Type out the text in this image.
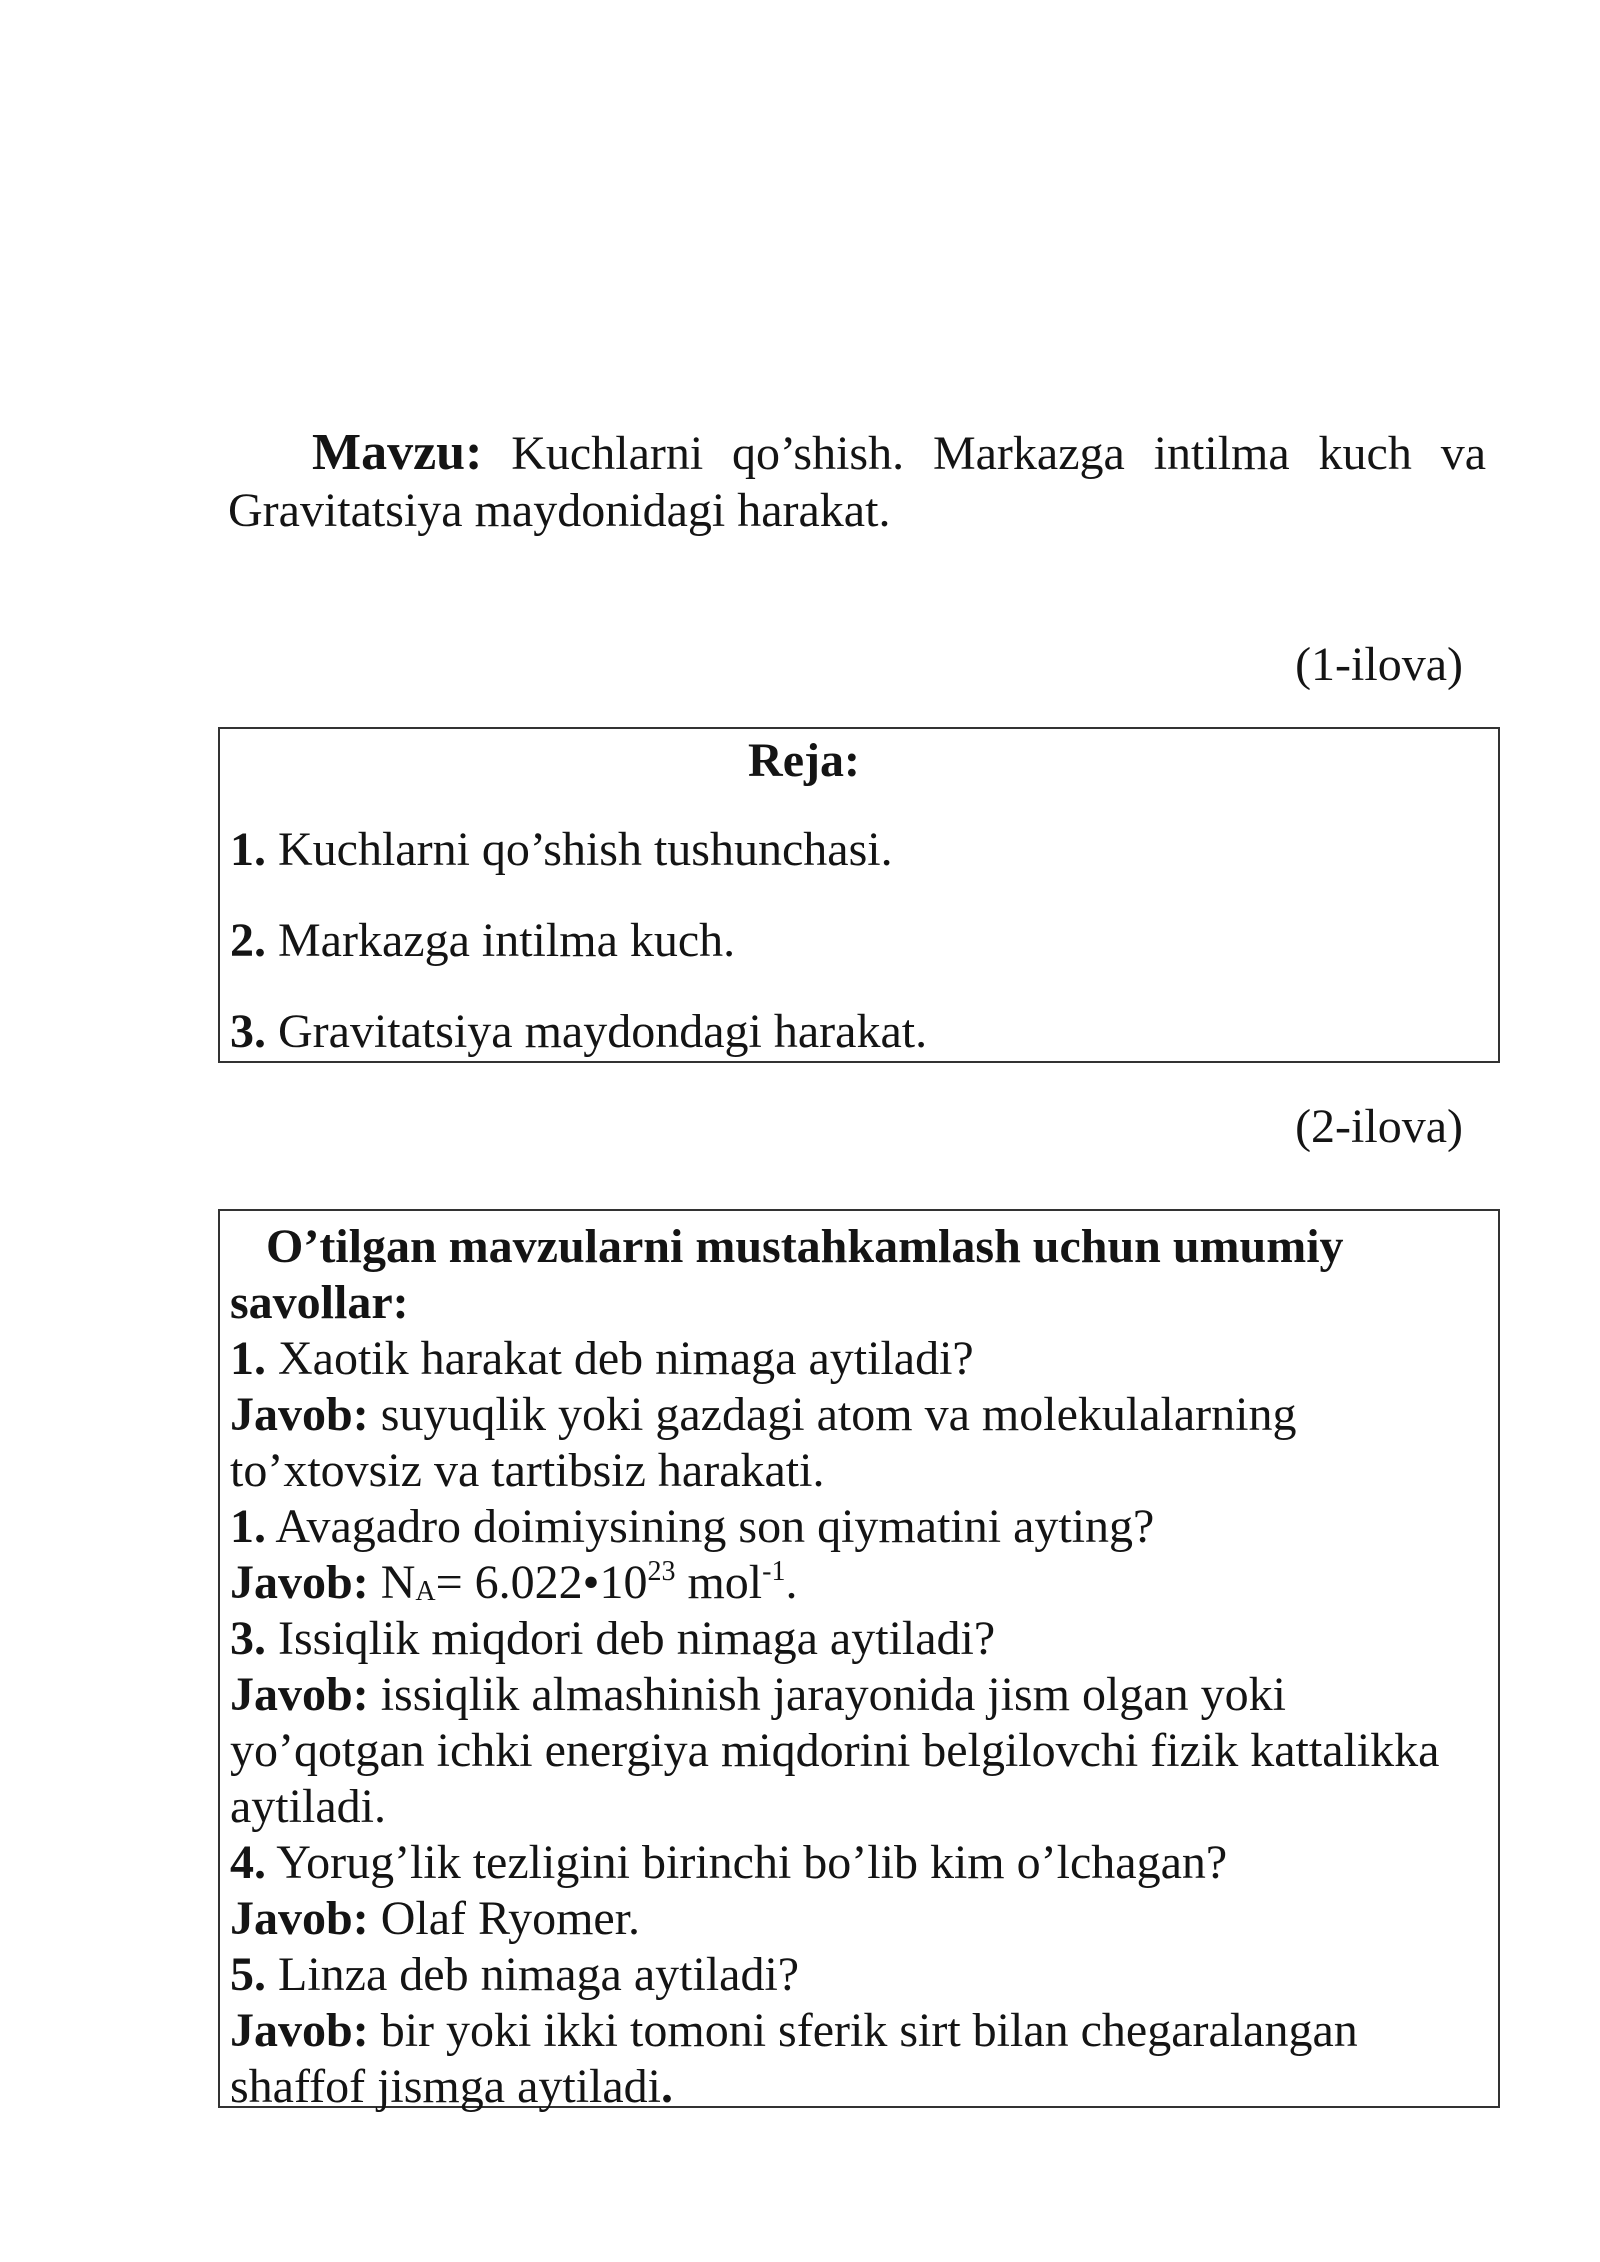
Mavzu: Kuchlarni qo’shish. Markazga intilma kuch va Gravitatsiya maydonidagi harakat.
(1-ilova)
Reja:
1. Kuchlarni qo’shish tushunchasi.
2. Markazga intilma kuch.
3. Gravitatsiya maydondagi harakat.
(2-ilova)
O’tilgan mavzularni mustahkamlash uchun umumiy savollar:
1. Xaotik harakat deb nimaga aytiladi?
Javob: suyuqlik yoki gazdagi atom va molekulalarning to’xtovsiz va tartibsiz harakati.
1. Avagadro doimiysining son qiymatini ayting?
Javob: $N_A=$ $6.022•10^{23}$ mol$^{-1}$.
3. Issiqlik miqdori deb nimaga aytiladi?
Javob: issiqlik almashinish jarayonida jism olgan yoki yo’qotgan ichki energiya miqdorini belgilovchi fizik kattalikka aytiladi.
4. Yorug’lik tezligini birinchi bo’lib kim o’lchagan?
Javob: Olaf Ryomer.
5. Linza deb nimaga aytiladi?
Javob: bir yoki ikki tomoni sferik sirt bilan chegaralangan shaffof jismga aytiladi.
